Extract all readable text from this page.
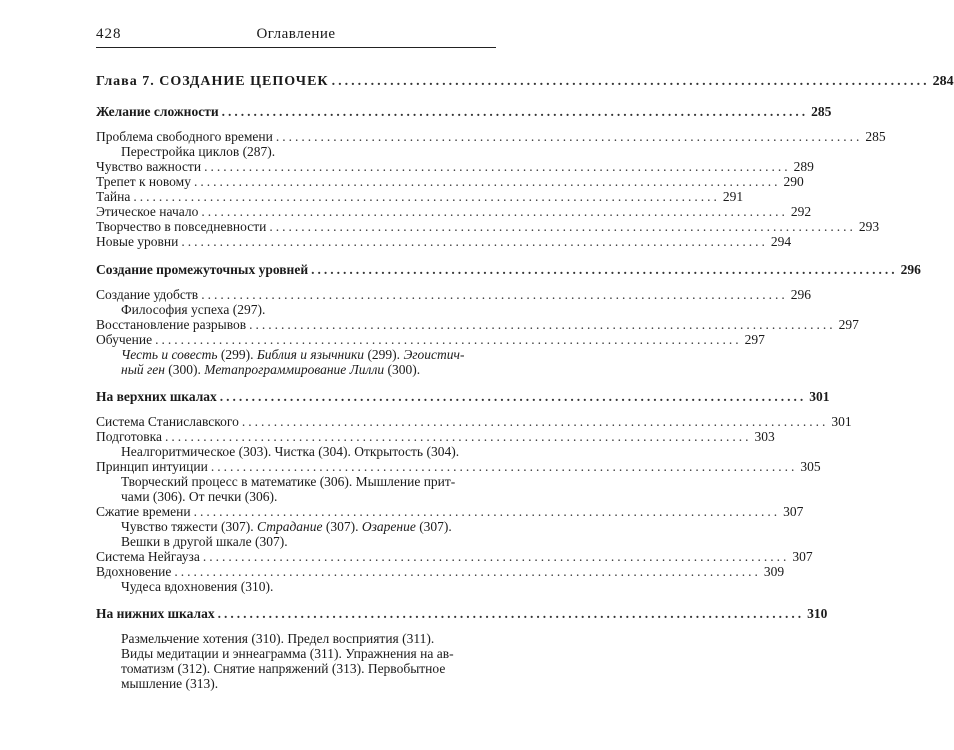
428	Оглавление
Глава 7. СОЗДАНИЕ ЦЕПОЧЕК ............................................................................................ 284
Желание сложности ............................................................................................ 285
Проблема свободного времени ............................................................................................ 285
Перестройка циклов (287).
Чувство важности ............................................................................................ 289
Трепет к новому ............................................................................................ 290
Тайна ............................................................................................ 291
Этическое начало ............................................................................................ 292
Творчество в повседневности ............................................................................................ 293
Новые уровни ............................................................................................ 294
Создание промежуточных уровней ............................................................................................ 296
Создание удобств ............................................................................................ 296
Философия успеха (297).
Восстановление разрывов ............................................................................................ 297
Обучение ............................................................................................ 297
Честь и совесть (299). Библия и язычники (299). Эгоистич-
ный ген (300). Метапрограммирование Лилли (300).
На верхних шкалах ............................................................................................ 301
Система Станиславского ............................................................................................ 301
Подготовка ............................................................................................ 303
Неалгоритмическое (303). Чистка (304). Открытость (304).
Принцип интуиции ............................................................................................ 305
Творческий процесс в математике (306). Мышление прит-
чами (306). От печки (306).
Сжатие времени ............................................................................................ 307
Чувство тяжести (307). Страдание (307). Озарение (307).
Вешки в другой шкале (307).
Система Нейгауза ............................................................................................ 307
Вдохновение ............................................................................................ 309
Чудеса вдохновения (310).
На нижних шкалах ............................................................................................ 310
Размельчение хотения (310). Предел восприятия (311).
Виды медитации и эннеаграмма (311). Упражнения на ав-
томатизм (312). Снятие напряжений (313). Первобытное
мышление (313).
